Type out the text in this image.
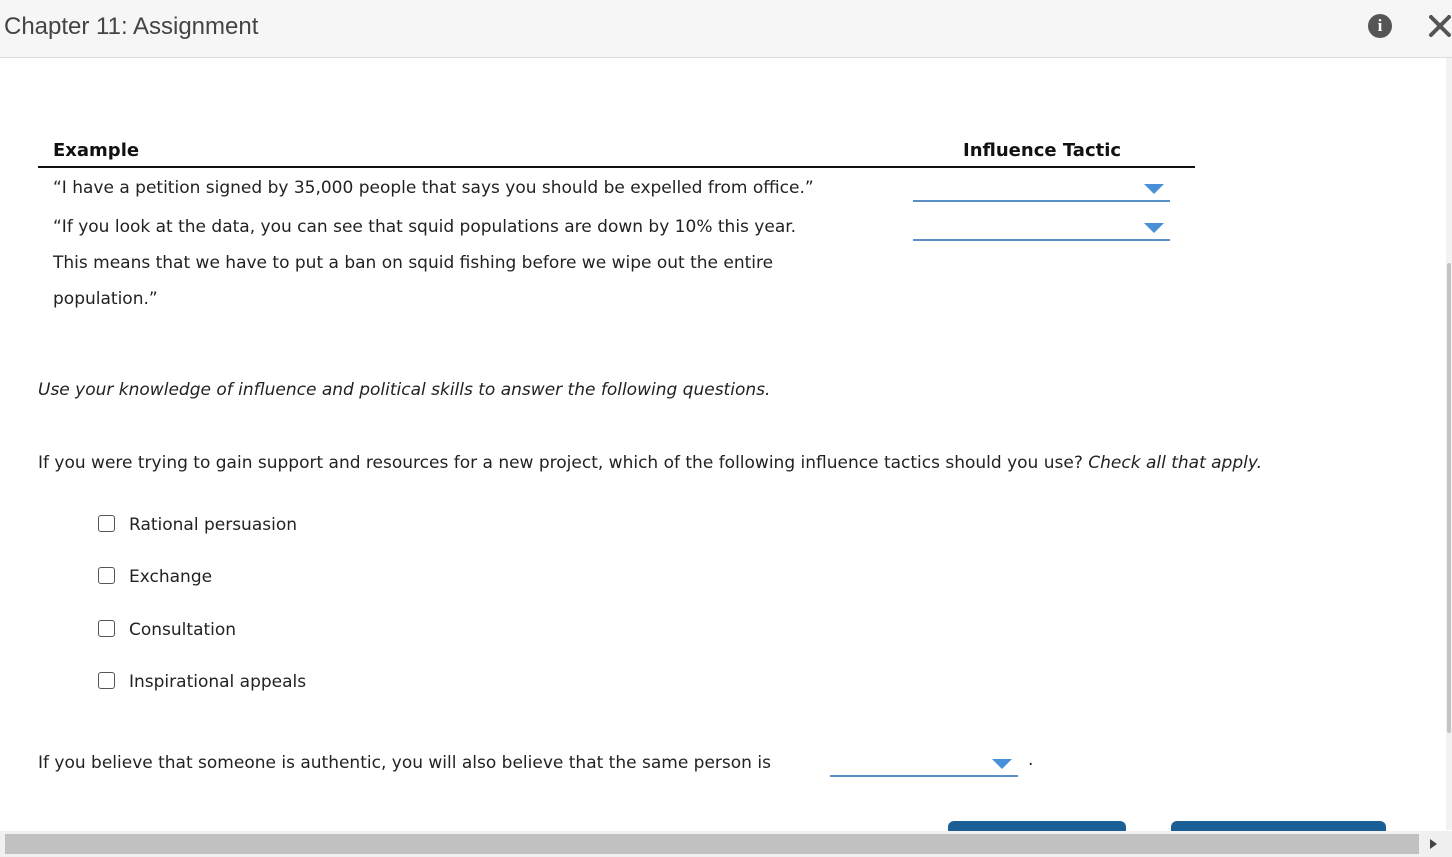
Chapter 11: Assignment	i
Example	Influence Tactic
“I have a petition signed by 35,000 people that says you should be expelled from office.”
“If you look at the data, you can see that squid populations are down by 10% this year.
This means that we have to put a ban on squid fishing before we wipe out the entire
population.”
Use your knowledge of influence and political skills to answer the following questions.
If you were trying to gain support and resources for a new project, which of the following influence tactics should you use? Check all that apply.
Rational persuasion
Exchange
Consultation
Inspirational appeals
If you believe that someone is authentic, you will also believe that the same person is	.
